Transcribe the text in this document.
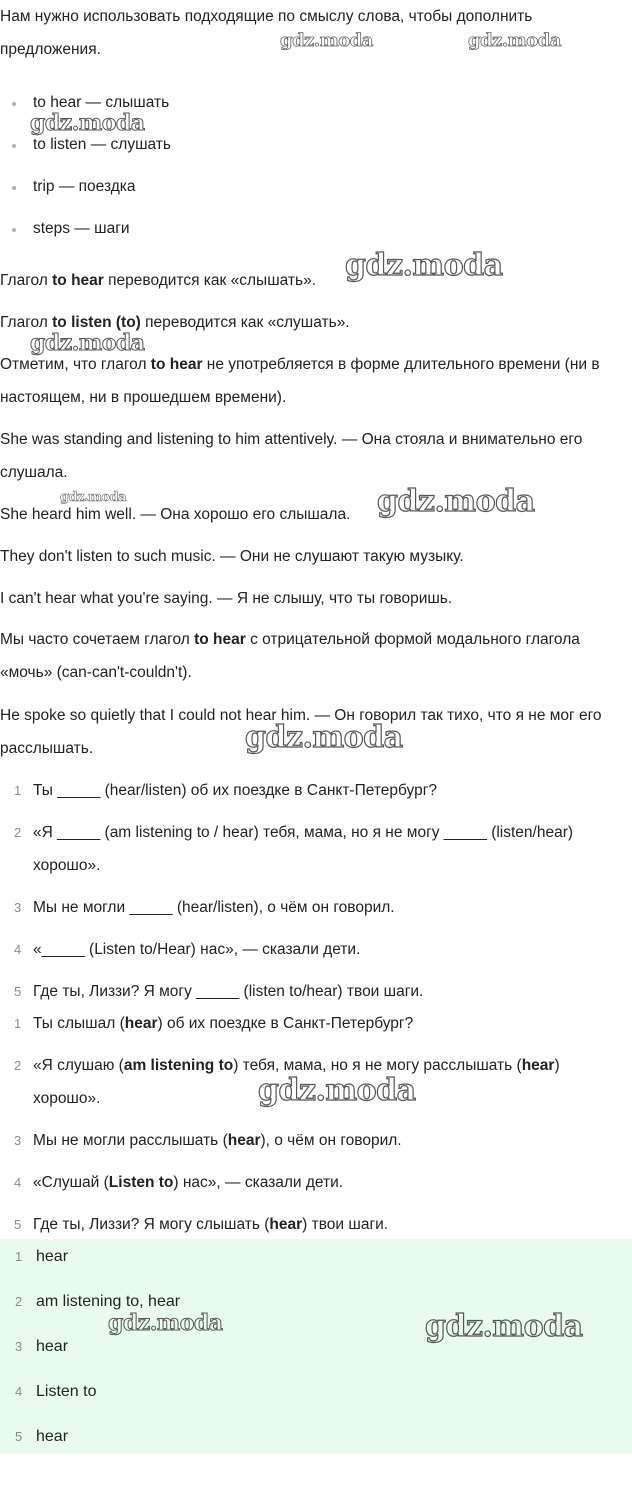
Нам нужно использовать подходящие по смыслу слова, чтобы дополнить предложения.

to hear — слышать
to listen — слушать
trip — поездка
steps — шаги

Глагол to hear переводится как «слышать».

Глагол to listen (to) переводится как «слушать».

Отметим, что глагол to hear не употребляется в форме длительного времени (ни в настоящем, ни в прошедшем времени).

She was standing and listening to him attentively. — Она стояла и внимательно его слушала.

She heard him well. — Она хорошо его слышала.

They don't listen to such music. — Они не слушают такую музыку.

I can't hear what you're saying. — Я не слышу, что ты говоришь.

Мы часто сочетаем глагол to hear с отрицательной формой модального глагола «мочь» (can-can't-couldn't).

He spoke so quietly that I could not hear him. — Он говорил так тихо, что я не мог его расслышать.

1 Ты _____ (hear/listen) об их поездке в Санкт-Петербург?
2 «Я _____ (am listening to / hear) тебя, мама, но я не могу _____ (listen/hear) хорошо».
3 Мы не могли _____ (hear/listen), о чём он говорил.
4 «_____ (Listen to/Hear) нас», — сказали дети.
5 Где ты, Лиззи? Я могу _____ (listen to/hear) твои шаги.
1 Ты слышал (hear) об их поездке в Санкт-Петербург?
2 «Я слушаю (am listening to) тебя, мама, но я не могу расслышать (hear) хорошо».
3 Мы не могли расслышать (hear), о чём он говорил.
4 «Слушай (Listen to) нас», — сказали дети.
5 Где ты, Лиззи? Я могу слышать (hear) твои шаги.
1 hear
2 am listening to, hear
3 hear
4 Listen to
5 hear
gdz.moda	gdz.moda
gdz.moda
gdz.moda
gdz.moda
gdz.moda	gdz.moda
gdz.moda
gdz.moda
gdz.moda	gdz.moda
